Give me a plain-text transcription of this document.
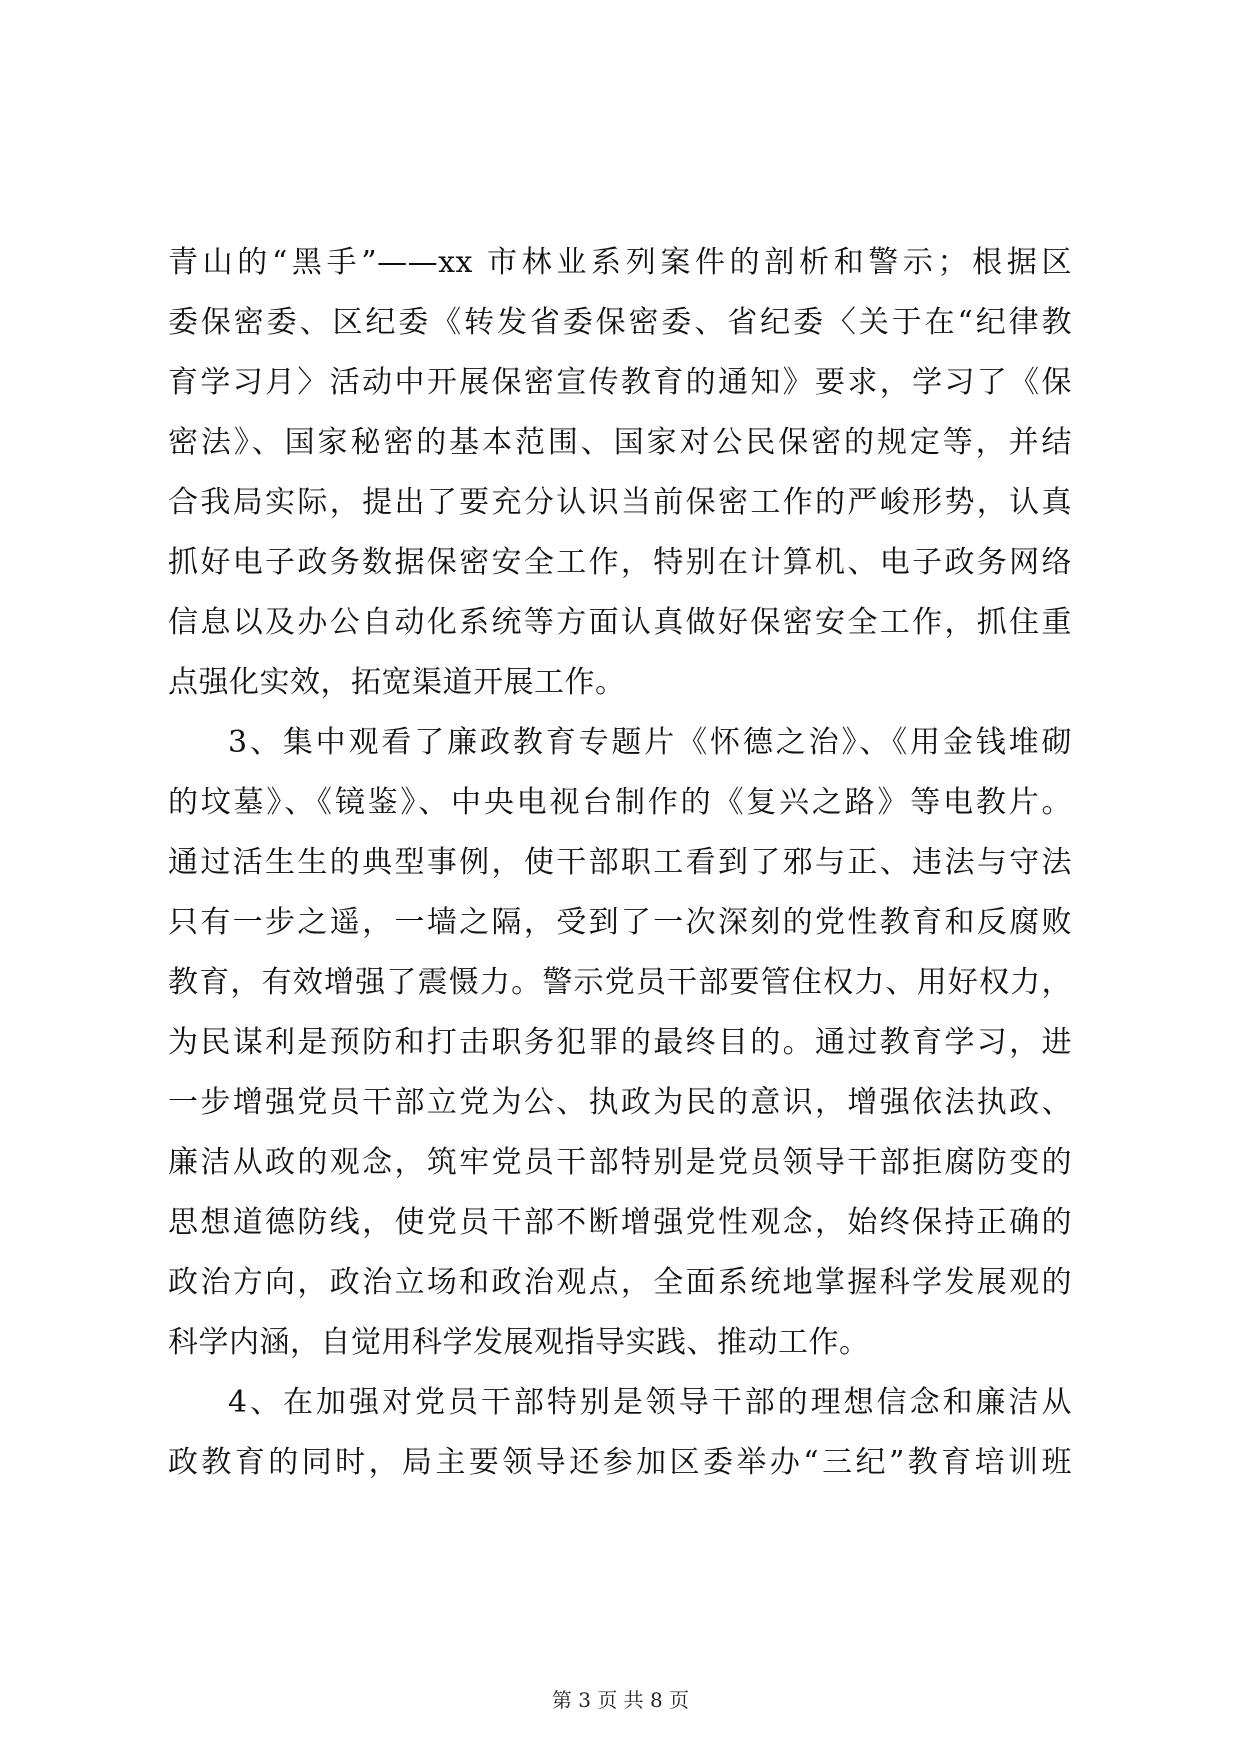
青山的“黑手”——xx 市林业系列案件的剖析和警示；根据区
委保密委、区纪委《转发省委保密委、省纪委〈关于在“纪律教
育学习月〉活动中开展保密宣传教育的通知》要求，学习了《保
密法》、国家秘密的基本范围、国家对公民保密的规定等，并结
合我局实际，提出了要充分认识当前保密工作的严峻形势，认真
抓好电子政务数据保密安全工作，特别在计算机、电子政务网络
信息以及办公自动化系统等方面认真做好保密安全工作，抓住重
点强化实效，拓宽渠道开展工作。
3、集中观看了廉政教育专题片《怀德之治》、《用金钱堆砌
的坟墓》、《镜鉴》、中央电视台制作的《复兴之路》等电教片。
通过活生生的典型事例，使干部职工看到了邪与正、违法与守法
只有一步之遥，一墙之隔，受到了一次深刻的党性教育和反腐败
教育，有效增强了震慑力。警示党员干部要管住权力、用好权力，
为民谋利是预防和打击职务犯罪的最终目的。通过教育学习，进
一步增强党员干部立党为公、执政为民的意识，增强依法执政、
廉洁从政的观念，筑牢党员干部特别是党员领导干部拒腐防变的
思想道德防线，使党员干部不断增强党性观念，始终保持正确的
政治方向，政治立场和政治观点，全面系统地掌握科学发展观的
科学内涵，自觉用科学发展观指导实践、推动工作。
4、在加强对党员干部特别是领导干部的理想信念和廉洁从
政教育的同时，局主要领导还参加区委举办“三纪”教育培训班
第 3 页 共 8 页
